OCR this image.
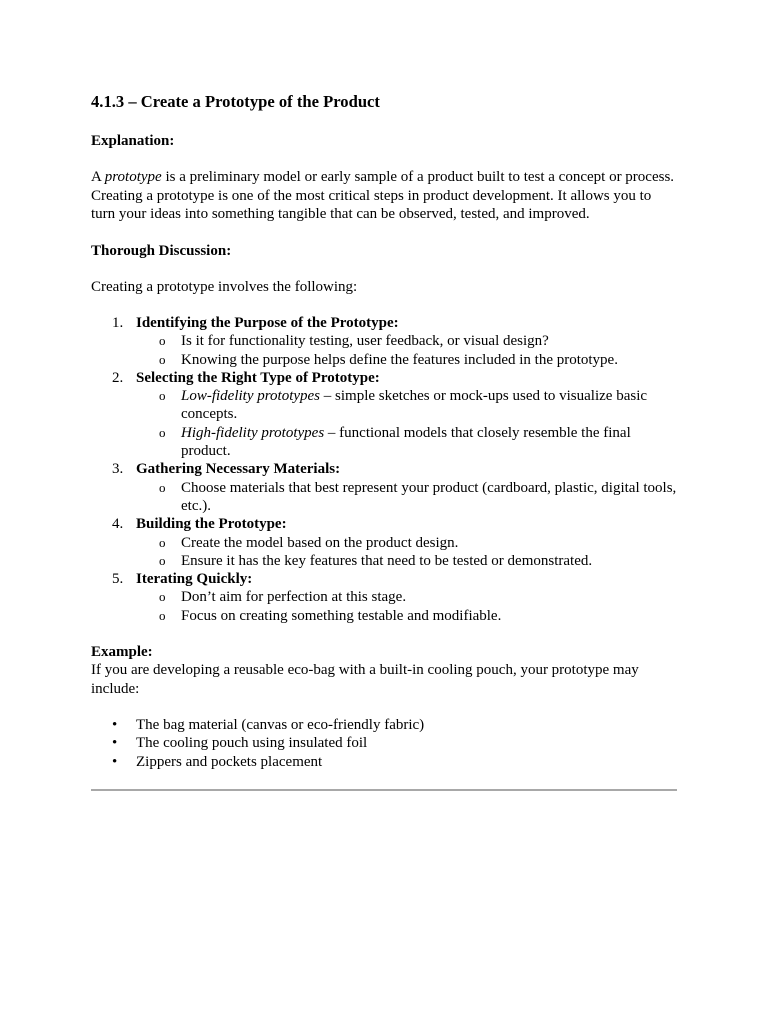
4.1.3 – Create a Prototype of the Product
Explanation:

A prototype is a preliminary model or early sample of a product built to test a concept or process. Creating a prototype is one of the most critical steps in product development. It allows you to turn your ideas into something tangible that can be observed, tested, and improved.

Thorough Discussion:

Creating a prototype involves the following:

1. Identifying the Purpose of the Prototype:
o Is it for functionality testing, user feedback, or visual design?
o Knowing the purpose helps define the features included in the prototype.
2. Selecting the Right Type of Prototype:
o Low-fidelity prototypes – simple sketches or mock-ups used to visualize basic concepts.
o High-fidelity prototypes – functional models that closely resemble the final product.
3. Gathering Necessary Materials:
o Choose materials that best represent your product (cardboard, plastic, digital tools, etc.).
4. Building the Prototype:
o Create the model based on the product design.
o Ensure it has the key features that need to be tested or demonstrated.
5. Iterating Quickly:
o Don’t aim for perfection at this stage.
o Focus on creating something testable and modifiable.
Example:

If you are developing a reusable eco-bag with a built-in cooling pouch, your prototype may include:

• The bag material (canvas or eco-friendly fabric)
• The cooling pouch using insulated foil
• Zippers and pockets placement
